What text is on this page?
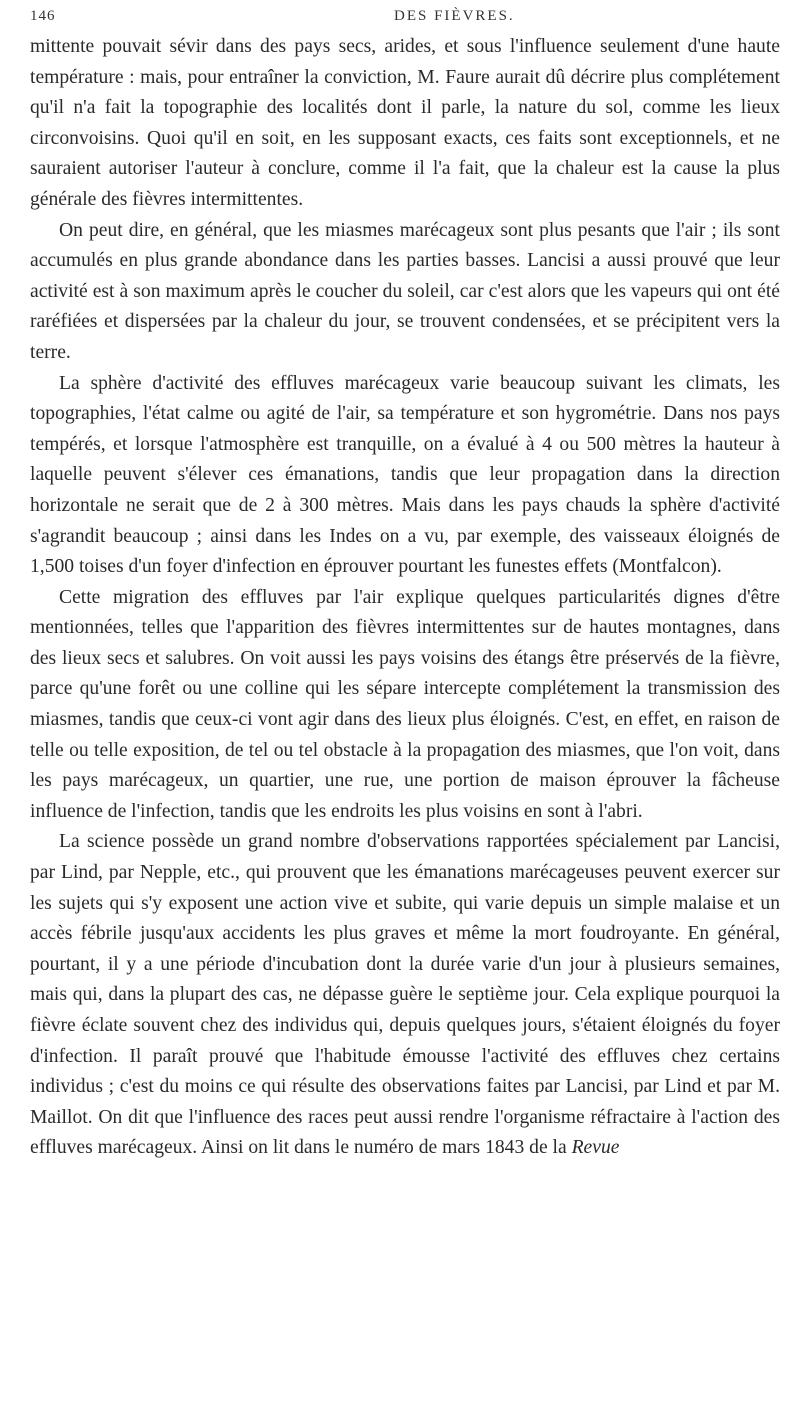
146	DES FIÈVRES.

mittente pouvait sévir dans des pays secs, arides, et sous l'influence seulement d'une haute température : mais, pour entraîner la conviction, M. Faure aurait dû décrire plus complétement qu'il n'a fait la topographie des localités dont il parle, la nature du sol, comme les lieux circonvoisins. Quoi qu'il en soit, en les supposant exacts, ces faits sont exceptionnels, et ne sauraient autoriser l'auteur à conclure, comme il l'a fait, que la chaleur est la cause la plus générale des fièvres intermittentes.

On peut dire, en général, que les miasmes marécageux sont plus pesants que l'air ; ils sont accumulés en plus grande abondance dans les parties basses. Lancisi a aussi prouvé que leur activité est à son maximum après le coucher du soleil, car c'est alors que les vapeurs qui ont été raréfiées et dispersées par la chaleur du jour, se trouvent condensées, et se précipitent vers la terre.

La sphère d'activité des effluves marécageux varie beaucoup suivant les climats, les topographies, l'état calme ou agité de l'air, sa température et son hygrométrie. Dans nos pays tempérés, et lorsque l'atmosphère est tranquille, on a évalué à 4 ou 500 mètres la hauteur à laquelle peuvent s'élever ces émanations, tandis que leur propagation dans la direction horizontale ne serait que de 2 à 300 mètres. Mais dans les pays chauds la sphère d'activité s'agrandit beaucoup ; ainsi dans les Indes on a vu, par exemple, des vaisseaux éloignés de 1,500 toises d'un foyer d'infection en éprouver pourtant les funestes effets (Montfalcon).

Cette migration des effluves par l'air explique quelques particularités dignes d'être mentionnées, telles que l'apparition des fièvres intermittentes sur de hautes montagnes, dans des lieux secs et salubres. On voit aussi les pays voisins des étangs être préservés de la fièvre, parce qu'une forêt ou une colline qui les sépare intercepte complétement la transmission des miasmes, tandis que ceux-ci vont agir dans des lieux plus éloignés. C'est, en effet, en raison de telle ou telle exposition, de tel ou tel obstacle à la propagation des miasmes, que l'on voit, dans les pays marécageux, un quartier, une rue, une portion de maison éprouver la fâcheuse influence de l'infection, tandis que les endroits les plus voisins en sont à l'abri.

La science possède un grand nombre d'observations rapportées spécialement par Lancisi, par Lind, par Nepple, etc., qui prouvent que les émanations marécageuses peuvent exercer sur les sujets qui s'y exposent une action vive et subite, qui varie depuis un simple malaise et un accès fébrile jusqu'aux accidents les plus graves et même la mort foudroyante. En général, pourtant, il y a une période d'incubation dont la durée varie d'un jour à plusieurs semaines, mais qui, dans la plupart des cas, ne dépasse guère le septième jour. Cela explique pourquoi la fièvre éclate souvent chez des individus qui, depuis quelques jours, s'étaient éloignés du foyer d'infection. Il paraît prouvé que l'habitude émousse l'activité des effluves chez certains individus ; c'est du moins ce qui résulte des observations faites par Lancisi, par Lind et par M. Maillot. On dit que l'influence des races peut aussi rendre l'organisme réfractaire à l'action des effluves marécageux. Ainsi on lit dans le numéro de mars 1843 de la Revue
